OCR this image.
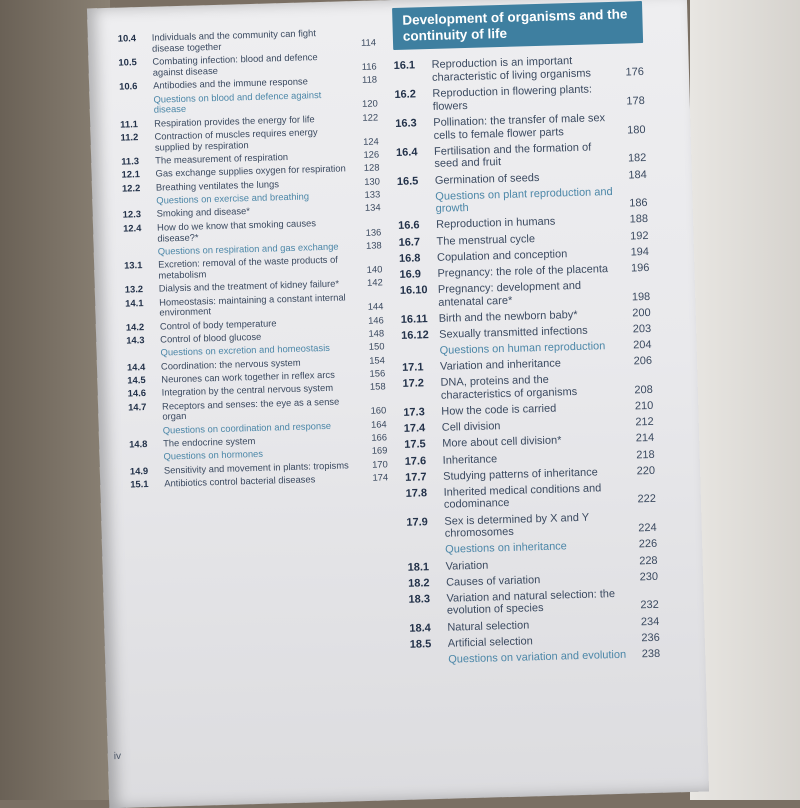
10.4	Individuals and the community can fight disease together	114
10.5	Combating infection: blood and defence against disease	116
10.6	Antibodies and the immune response	118
Questions on blood and defence against disease	120
11.1	Respiration provides the energy for life	122
11.2	Contraction of muscles requires energy supplied by respiration	124
11.3	The measurement of respiration	126
12.1	Gas exchange supplies oxygen for respiration	128
12.2	Breathing ventilates the lungs	130
Questions on exercise and breathing	133
12.3	Smoking and disease*	134
12.4	How do we know that smoking causes disease?*	136
Questions on respiration and gas exchange	138
13.1	Excretion: removal of the waste products of metabolism	140
13.2	Dialysis and the treatment of kidney failure*	142
14.1	Homeostasis: maintaining a constant internal environment	144
14.2	Control of body temperature	146
14.3	Control of blood glucose	148
Questions on excretion and homeostasis	150
14.4	Coordination: the nervous system	154
14.5	Neurones can work together in reflex arcs	156
14.6	Integration by the central nervous system	158
14.7	Receptors and senses: the eye as a sense organ	160
Questions on coordination and response	164
14.8	The endocrine system	166
Questions on hormones	169
14.9	Sensitivity and movement in plants: tropisms	170
15.1	Antibiotics control bacterial diseases	174
Development of organisms and the continuity of life
16.1	Reproduction is an important characteristic of living organisms	176
16.2	Reproduction in flowering plants: flowers	178
16.3	Pollination: the transfer of male sex cells to female flower parts	180
16.4	Fertilisation and the formation of seed and fruit	182
16.5	Germination of seeds	184
Questions on plant reproduction and growth	186
16.6	Reproduction in humans	188
16.7	The menstrual cycle	192
16.8	Copulation and conception	194
16.9	Pregnancy: the role of the placenta	196
16.10 Pregnancy: development and antenatal care*	198
16.11 Birth and the newborn baby*	200
16.12 Sexually transmitted infections	203
Questions on human reproduction	204
17.1	Variation and inheritance	206
17.2	DNA, proteins and the characteristics of organisms	208
17.3	How the code is carried	210
17.4	Cell division	212
17.5	More about cell division*	214
17.6	Inheritance	218
17.7	Studying patterns of inheritance	220
17.8	Inherited medical conditions and codominance	222
17.9	Sex is determined by X and Y chromosomes	224
Questions on inheritance	226
18.1	Variation	228
18.2	Causes of variation	230
18.3	Variation and natural selection: the evolution of species	232
18.4	Natural selection	234
18.5	Artificial selection	236
Questions on variation and evolution	238
iv
